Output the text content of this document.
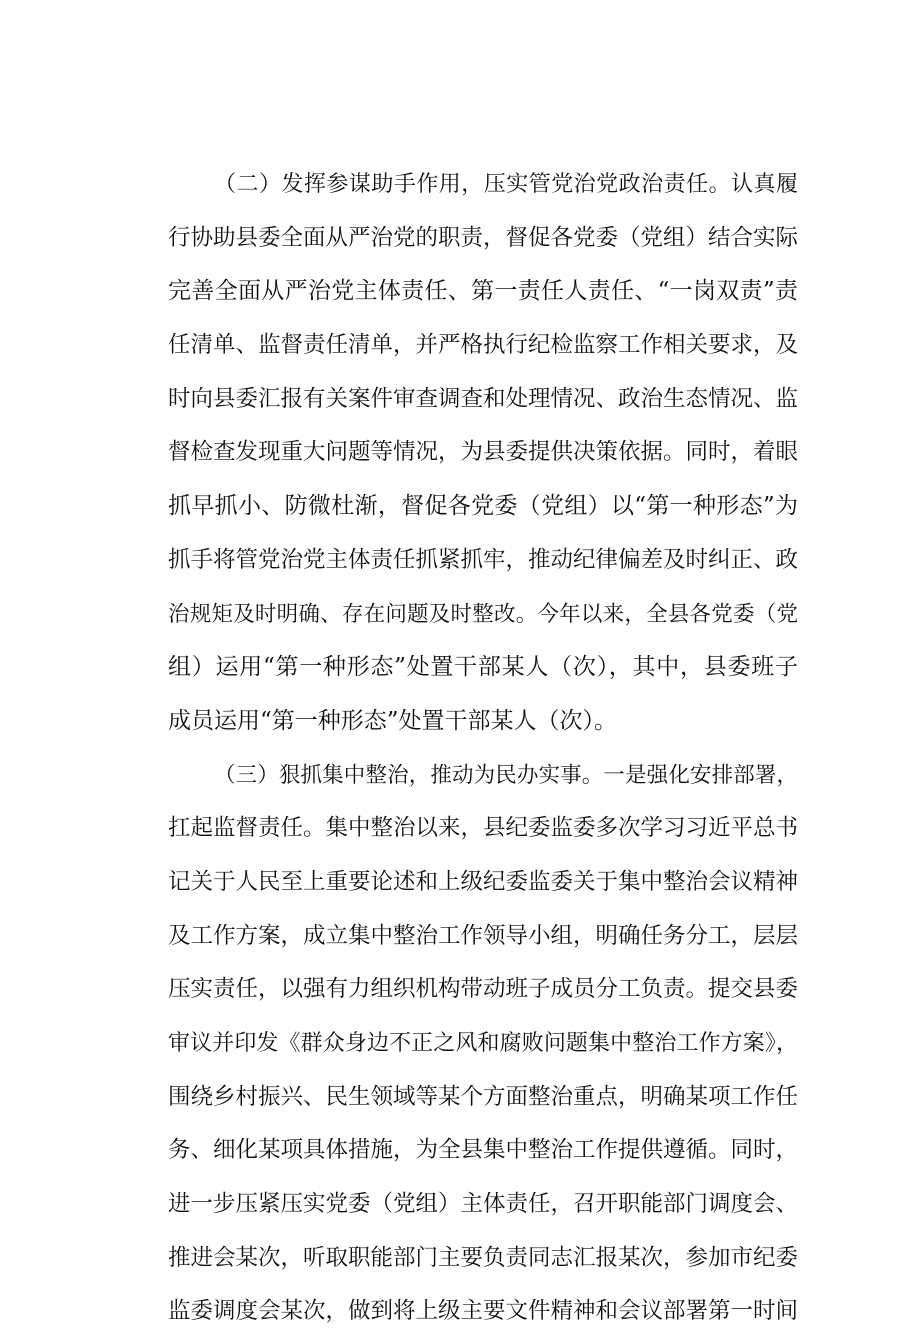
（二）发挥参谋助手作用，压实管党治党政治责任。认真履
行协助县委全面从严治党的职责，督促各党委（党组）结合实际
完善全面从严治党主体责任、第一责任人责任、“一岗双责”责
任清单、监督责任清单，并严格执行纪检监察工作相关要求，及
时向县委汇报有关案件审查调查和处理情况、政治生态情况、监
督检查发现重大问题等情况，为县委提供决策依据。同时，着眼
抓早抓小、防微杜渐，督促各党委（党组）以“第一种形态”为
抓手将管党治党主体责任抓紧抓牢，推动纪律偏差及时纠正、政
治规矩及时明确、存在问题及时整改。今年以来，全县各党委（党
组）运用“第一种形态”处置干部某人（次），其中，县委班子
成员运用“第一种形态”处置干部某人（次）。
（三）狠抓集中整治，推动为民办实事。一是强化安排部署，
扛起监督责任。集中整治以来，县纪委监委多次学习习近平总书
记关于人民至上重要论述和上级纪委监委关于集中整治会议精神
及工作方案，成立集中整治工作领导小组，明确任务分工，层层
压实责任，以强有力组织机构带动班子成员分工负责。提交县委
审议并印发《群众身边不正之风和腐败问题集中整治工作方案》，
围绕乡村振兴、民生领域等某个方面整治重点，明确某项工作任
务、细化某项具体措施，为全县集中整治工作提供遵循。同时，
进一步压紧压实党委（党组）主体责任，召开职能部门调度会、
推进会某次，听取职能部门主要负责同志汇报某次，参加市纪委
监委调度会某次，做到将上级主要文件精神和会议部署第一时间
